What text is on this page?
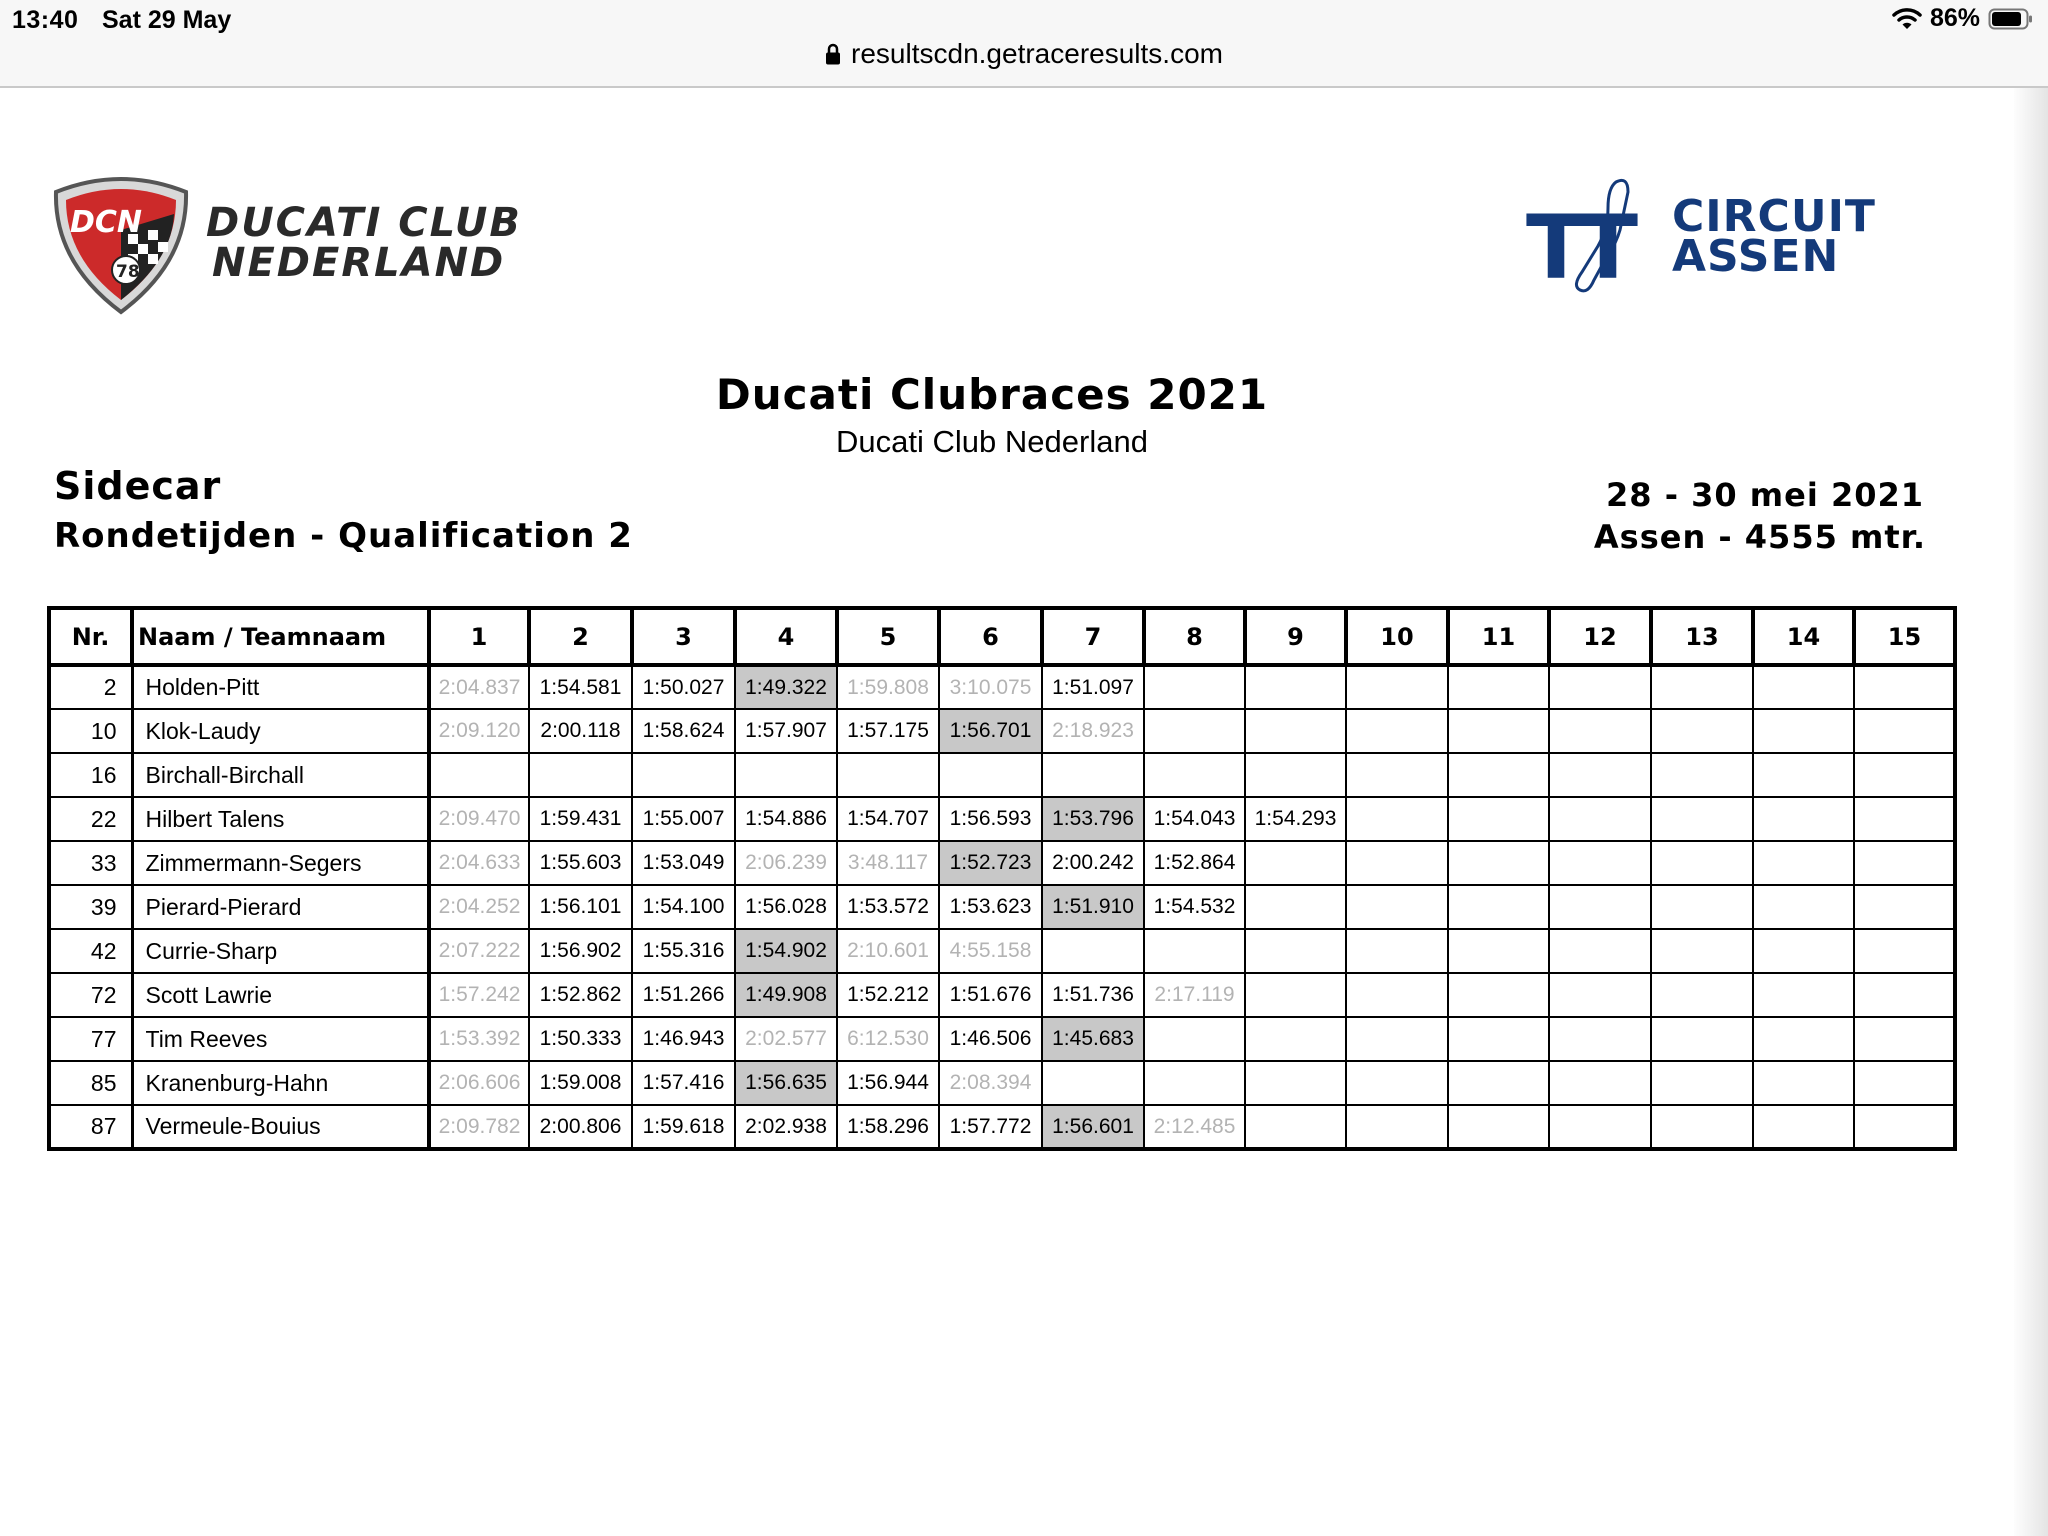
13:40 Sat 29 May	86%
resultscdn.getraceresults.com
DCN
78
DUCATI CLUB
NEDERLAND	TT CIRCUIT
ASSEN
Ducati Clubraces 2021
Ducati Club Nederland
Sidecar
Rondetijden - Qualification 2
28 - 30 mei 2021
Assen - 4555 mtr.
Nr.	Naam / Teamnaam	1	2	3	4	5	6	7	8	9	10	11	12	13	14	15
2	Holden-Pitt	2:04.837	1:54.581	1:50.027	1:49.322	1:59.808	3:10.075	1:51.097								
10	Klok-Laudy	2:09.120	2:00.118	1:58.624	1:57.907	1:57.175	1:56.701	2:18.923								
16	Birchall-Birchall															
22	Hilbert Talens	2:09.470	1:59.431	1:55.007	1:54.886	1:54.707	1:56.593	1:53.796	1:54.043	1:54.293						
33	Zimmermann-Segers	2:04.633	1:55.603	1:53.049	2:06.239	3:48.117	1:52.723	2:00.242	1:52.864							
39	Pierard-Pierard	2:04.252	1:56.101	1:54.100	1:56.028	1:53.572	1:53.623	1:51.910	1:54.532							
42	Currie-Sharp	2:07.222	1:56.902	1:55.316	1:54.902	2:10.601	4:55.158									
72	Scott Lawrie	1:57.242	1:52.862	1:51.266	1:49.908	1:52.212	1:51.676	1:51.736	2:17.119							
77	Tim Reeves	1:53.392	1:50.333	1:46.943	2:02.577	6:12.530	1:46.506	1:45.683								
85	Kranenburg-Hahn	2:06.606	1:59.008	1:57.416	1:56.635	1:56.944	2:08.394									
87	Vermeule-Bouius	2:09.782	2:00.806	1:59.618	2:02.938	1:58.296	1:57.772	1:56.601	2:12.485							
